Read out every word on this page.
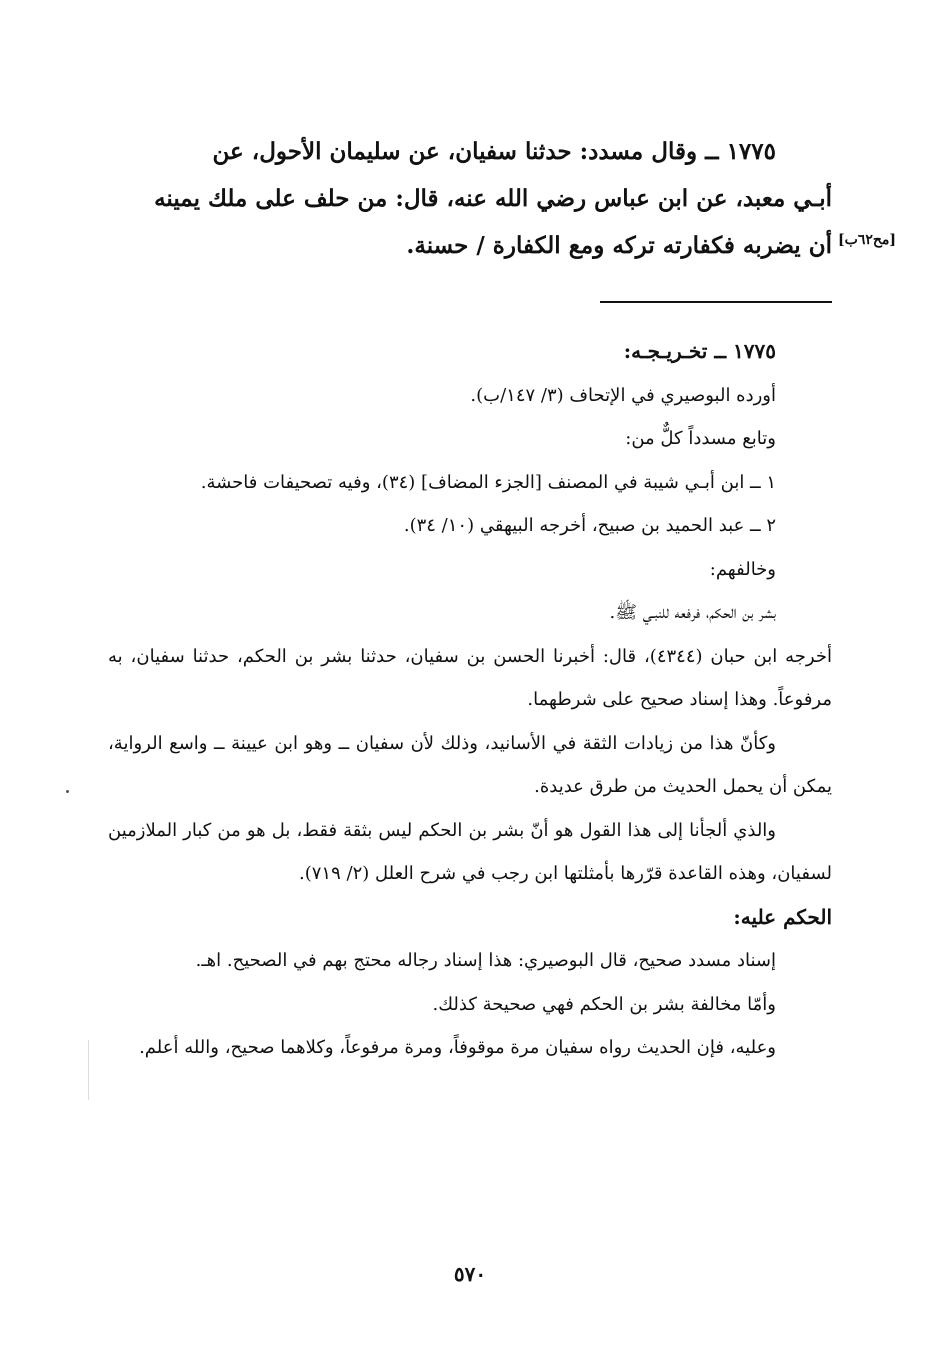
١٧٧٥ ــ وقال مسدد: حدثنا سفيان، عن سليمان الأحول، عن

أبـي معبد، عن ابن عباس رضي الله عنه، قال: من حلف على ملك يمينه

أن يضربه فكفارته تركه ومع الكفارة / حسنة. [مح٦٢ب]

١٧٧٥ ــ تخـريـجـه:

أورده البوصيري في الإتحاف (٣/ ١٤٧/ب).

وتابع مسدداً كلٌّ من:

١ ــ ابن أبـي شيبة في المصنف [الجزء المضاف] (٣٤)، وفيه تصحيفات فاحشة.

٢ ــ عبد الحميد بن صبيح، أخرجه البيهقي (١٠/ ٣٤).

وخالفهم:

بشر بن الحكم، فرفعه للنبـي ﷺ.

أخرجه ابن حبان (٤٣٤٤)، قال: أخبرنا الحسن بن سفيان، حدثنا بشر بن الحكم، حدثنا سفيان، به مرفوعاً. وهذا إسناد صحيح على شرطهما.

وكأنّ هذا من زيادات الثقة في الأسانيد، وذلك لأن سفيان ــ وهو ابن عيينة ــ واسع الرواية، يمكن أن يحمل الحديث من طرق عديدة.

والذي ألجأنا إلى هذا القول هو أنّ بشر بن الحكم ليس بثقة فقط، بل هو من كبار الملازمين لسفيان، وهذه القاعدة قرّرها بأمثلتها ابن رجب في شرح العلل (٢/ ٧١٩).

الحكم عليه:

إسناد مسدد صحيح، قال البوصيري: هذا إسناد رجاله محتج بهم في الصحيح. اهـ.

وأمّا مخالفة بشر بن الحكم فهي صحيحة كذلك.

وعليه، فإن الحديث رواه سفيان مرة موقوفاً، ومرة مرفوعاً، وكلاهما صحيح، والله أعلم.

٥٧٠
